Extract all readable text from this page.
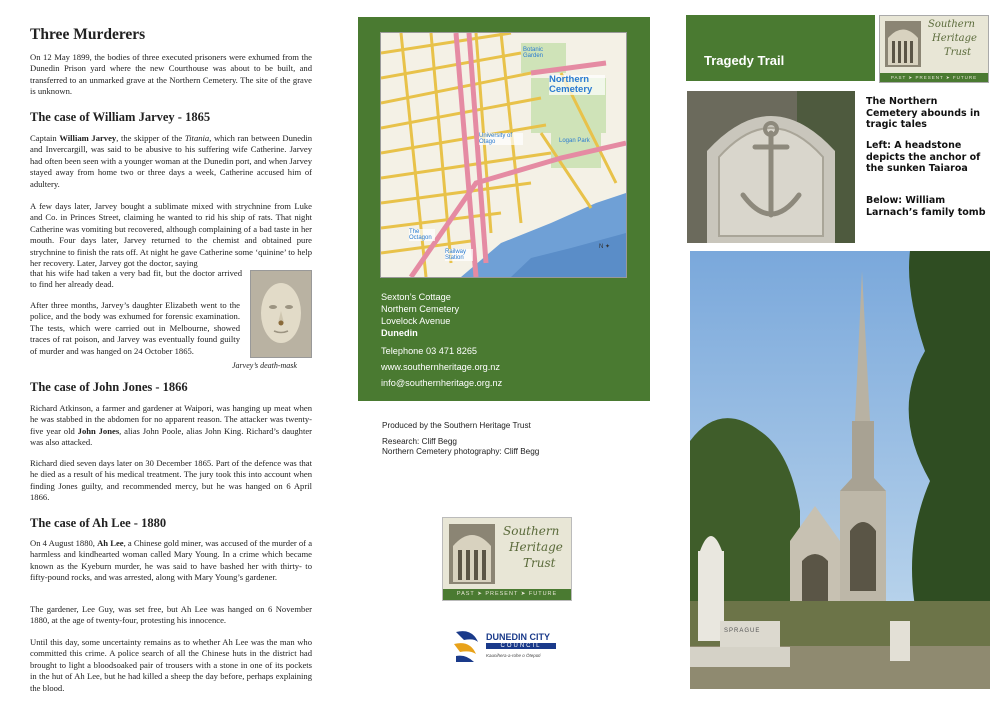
Three Murderers

On 12 May 1899, the bodies of three executed prisoners were exhumed from the Dunedin Prison yard where the new Courthouse was about to be built, and transferred to an unmarked grave at the Northern Cemetery. The site of the grave is unknown.

The case of William Jarvey - 1865

Captain William Jarvey, the skipper of the Titania, which ran between Dunedin and Invercargill, was said to be abusive to his suffering wife Catherine. Jarvey had often been seen with a younger woman at the Dunedin port, and when Jarvey stayed away from home two or three days a week, Catherine accused him of adultery.

A few days later, Jarvey bought a sublimate mixed with strychnine from Luke and Co. in Princes Street, claiming he wanted to rid his ship of rats. That night Catherine was vomiting but recovered, although complaining of a bad taste in her mouth. Four days later, Jarvey returned to the chemist and obtained pure strychnine to finish the rats off. At night he gave Catherine some ‘quinine’ to help her recovery. Later, Jarvey got the doctor, saying

that his wife had taken a very bad fit, but the doctor arrived to find her already dead.

After three months, Jarvey’s daughter Elizabeth went to the police, and the body was exhumed for forensic examination. The tests, which were carried out in Melbourne, showed traces of rat poison, and Jarvey was eventually found guilty of murder and was hanged on 24 October 1865.

Jarvey’s death-mask
The case of John Jones - 1866

Richard Atkinson, a farmer and gardener at Waipori, was hanging up meat when he was stabbed in the abdomen for no apparent reason. The attacker was twenty-five year old John Jones, alias John Poole, alias John King. Richard’s daughter was also attacked.

Richard died seven days later on 30 December 1865. Part of the defence was that he died as a result of his medical treatment. The jury took this into account when finding Jones guilty, and recommended mercy, but he was hanged on 6 April 1866.

The case of Ah Lee - 1880

On 4 August 1880, Ah Lee, a Chinese gold miner, was accused of the murder of a harmless and kindhearted woman called Mary Young. In a crime which became known as the Kyeburn murder, he was said to have bashed her with thirty- to fifty-pound rocks, and was arrested, along with Mary Young’s gardener.

The gardener, Lee Guy, was set free, but Ah Lee was hanged on 6 November 1880, at the age of twenty-four, protesting his innocence.

Until this day, some uncertainty remains as to whether Ah Lee was the man who committed this crime. A police search of all the Chinese huts in the district had brought to light a bloodsoaked pair of trousers with a stone in one of its pockets in the hut of Ah Lee, but he had killed a sheep the day before, perhaps explaining the blood.

Northern Cemetery
Botanic Garden
University of Otago	Logan Park
The Octagon
Railway Station
N ✦
Sexton’s Cottage
Northern Cemetery
Lovelock Avenue
Dunedin
Telephone 03 471 8265
www.southernheritage.org.nz
info@southernheritage.org.nz
Produced by the Southern Heritage Trust
Research: Cliff Begg
Northern Cemetery photography: Cliff Begg
Southern
Heritage
Trust
PAST ➤ PRESENT ➤ FUTURE
DUNEDIN CITY
COUNCIL
Kaunihera-a-rohe o Ōtepoti
Tragedy Trail
Southern
Heritage
Trust
PAST ➤ PRESENT ➤ FUTURE
The Northern Cemetery abounds in tragic tales
Left: A headstone depicts the anchor of the sunken Taiaroa
Below: William Larnach’s family tomb
SPRAGUE
